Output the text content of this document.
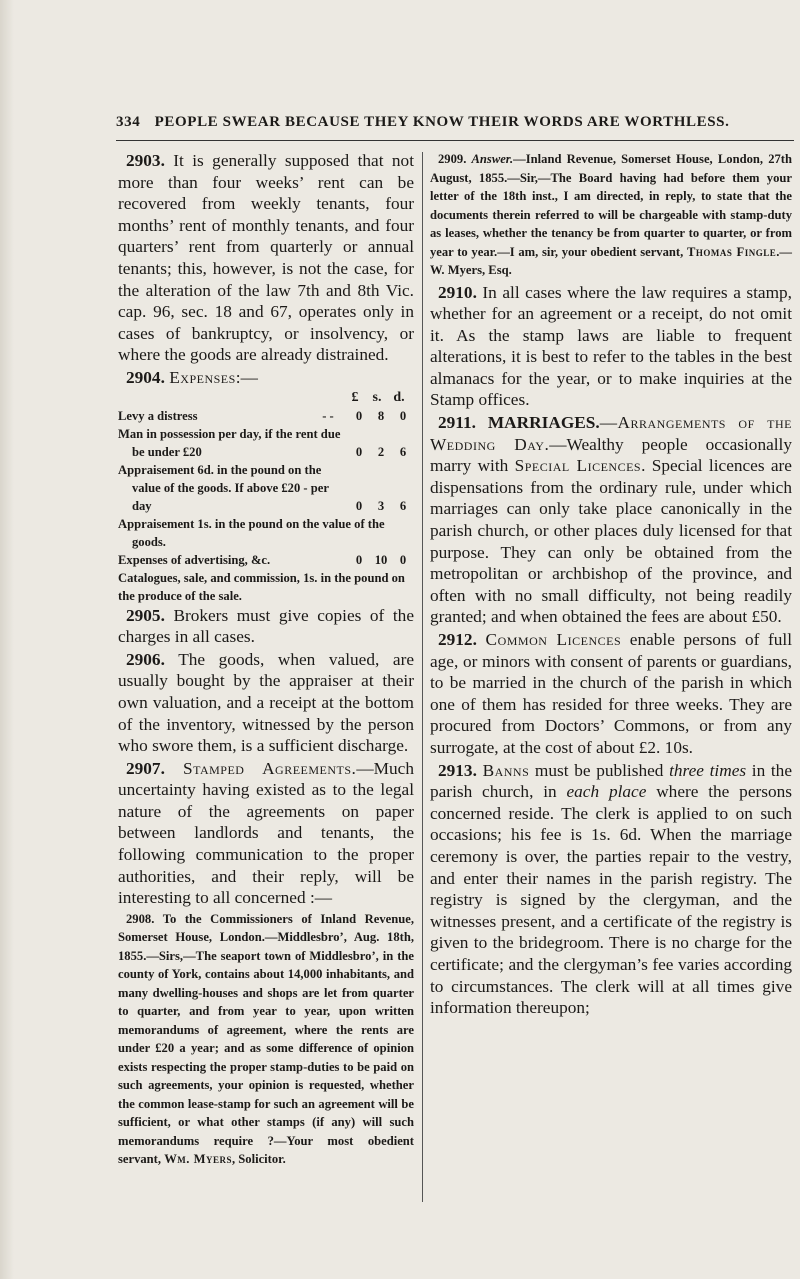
334 PEOPLE SWEAR BECAUSE THEY KNOW THEIR WORDS ARE WORTHLESS.

2903. It is generally supposed that not more than four weeks’ rent can be recovered from weekly tenants, four months’ rent of monthly tenants, and four quarters’ rent from quarterly or annual tenants; this, however, is not the case, for the alteration of the law 7th and 8th Vic. cap. 96, sec. 18 and 67, operates only in cases of bankruptcy, or insolvency, or where the goods are already distrained.

2904. Expenses:—

£	s. d.
Levy a distress	- -	0	8	0
Man in possession per day, if the rent due be under £20	0	2	6
Appraisement 6d. in the pound on the value of the goods. If above £20 - per day	0	3	6
Appraisement 1s. in the pound on the value of the goods.
Expenses of advertising, &c.	0 10 0
Catalogues, sale, and commission, 1s. in the pound on the produce of the sale.

2905. Brokers must give copies of the charges in all cases.

2906. The goods, when valued, are usually bought by the appraiser at their own valuation, and a receipt at the bottom of the inventory, witnessed by the person who swore them, is a sufficient discharge.

2907. Stamped Agreements.—Much uncertainty having existed as to the legal nature of the agreements on paper between landlords and tenants, the following communication to the proper authorities, and their reply, will be interesting to all concerned :—

2908. To the Commissioners of Inland Revenue, Somerset House, London.—Middlesbro’, Aug. 18th, 1855.—Sirs,—The seaport town of Middlesbro’, in the county of York, contains about 14,000 inhabitants, and many dwelling-houses and shops are let from quarter to quarter, and from year to year, upon written memorandums of agreement, where the rents are under £20 a year; and as some difference of opinion exists respecting the proper stamp-duties to be paid on such agreements, your opinion is requested, whether the common lease-stamp for such an agreement will be sufficient, or what other stamps (if any) will such memorandums require ?—Your most obedient servant, Wm. Myers, Solicitor.

2909. Answer.—Inland Revenue, Somerset House, London, 27th August, 1855.—Sir,—The Board having had before them your letter of the 18th inst., I am directed, in reply, to state that the documents therein referred to will be chargeable with stamp-duty as leases, whether the tenancy be from quarter to quarter, or from year to year.—I am, sir, your obedient servant, Thomas Fingle.—W. Myers, Esq.

2910. In all cases where the law requires a stamp, whether for an agreement or a receipt, do not omit it. As the stamp laws are liable to frequent alterations, it is best to refer to the tables in the best almanacs for the year, or to make inquiries at the Stamp offices.

2911. MARRIAGES.—Arrangements of the Wedding Day.—Wealthy people occasionally marry with Special Licences. Special licences are dispensations from the ordinary rule, under which marriages can only take place canonically in the parish church, or other places duly licensed for that purpose. They can only be obtained from the metropolitan or archbishop of the province, and often with no small difficulty, not being readily granted; and when obtained the fees are about £50.

2912. Common Licences enable persons of full age, or minors with consent of parents or guardians, to be married in the church of the parish in which one of them has resided for three weeks. They are procured from Doctors’ Commons, or from any surrogate, at the cost of about £2. 10s.

2913. Banns must be published three times in the parish church, in each place where the persons concerned reside. The clerk is applied to on such occasions; his fee is 1s. 6d. When the marriage ceremony is over, the parties repair to the vestry, and enter their names in the parish registry. The registry is signed by the clergyman, and the witnesses present, and a certificate of the registry is given to the bridegroom. There is no charge for the certificate; and the clergyman’s fee varies according to circumstances. The clerk will at all times give information thereupon;
